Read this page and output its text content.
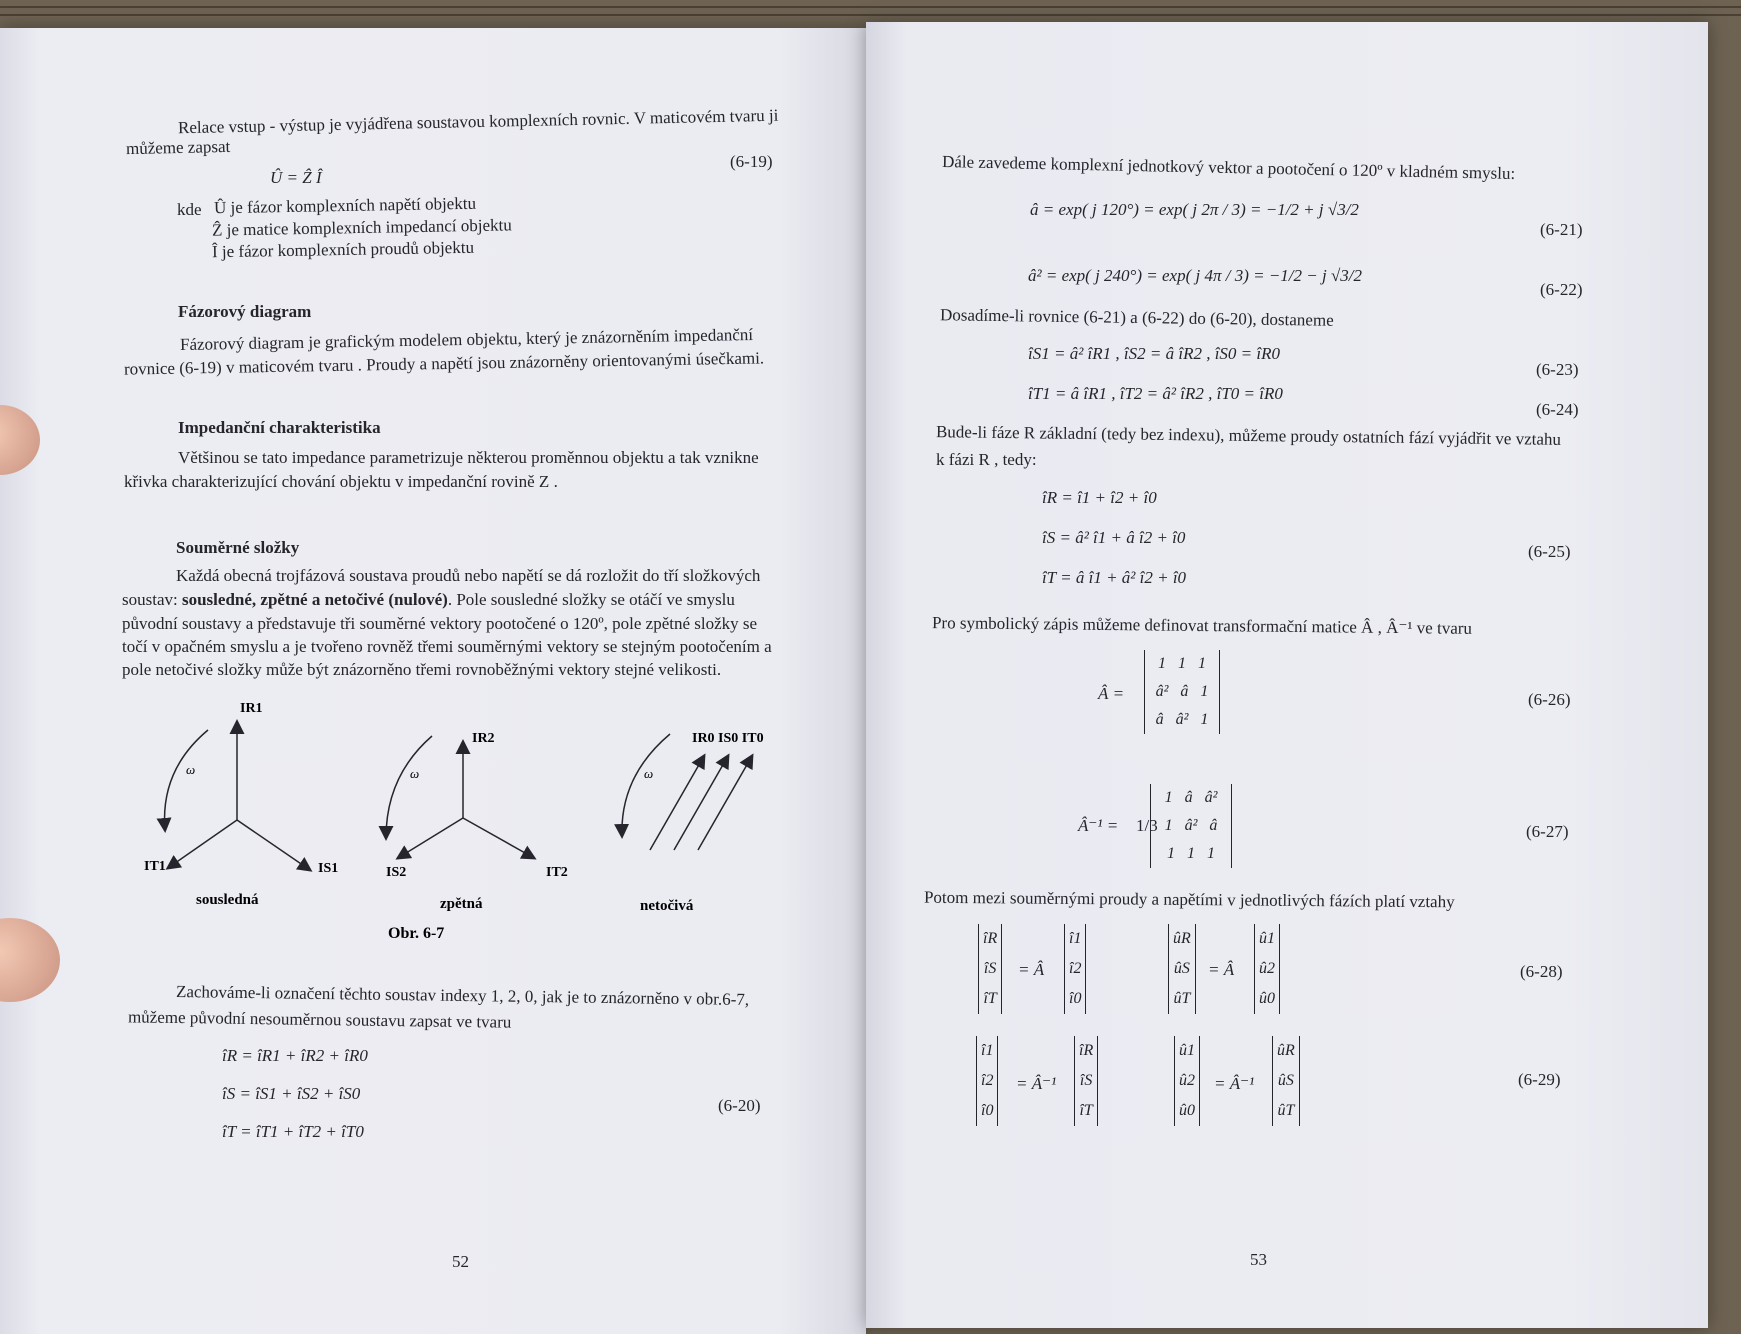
Relace vstup - výstup je vyjádřena soustavou komplexních rovnic. V maticovém tvaru ji
můžeme zapsat
Û = Ẑ Î
(6-19)
kde Û je fázor komplexních napětí objektu
Ẑ je matice komplexních impedancí objektu
Î je fázor komplexních proudů objektu
Fázorový diagram
Fázorový diagram je grafickým modelem objektu, který je znázorněním impedanční
rovnice (6-19) v maticovém tvaru . Proudy a napětí jsou znázorněny orientovanými úsečkami.
Impedanční charakteristika
Většinou se tato impedance parametrizuje některou proměnnou objektu a tak vznikne
křivka charakterizující chování objektu v impedanční rovině Z .
Souměrné složky
Každá obecná trojfázová soustava proudů nebo napětí se dá rozložit do tří složkových
soustav: sousledné, zpětné a netočivé (nulové). Pole sousledné složky se otáčí ve smyslu
původní soustavy a představuje tři souměrné vektory pootočené o 120º, pole zpětné složky se
točí v opačném smyslu a je tvořeno rovněž třemi souměrnými vektory se stejným pootočením a
pole netočivé složky může být znázorněno třemi rovnoběžnými vektory stejné velikosti.
ω
IR1
IT1	IS1
sousledná
ω
IR2
IS2	IT2
zpětná
Obr. 6-7
ω
IR0 IS0 IT0
netočivá
Zachováme-li označení těchto soustav indexy 1, 2, 0, jak je to znázorněno v obr.6-7,
můžeme původní nesouměrnou soustavu zapsat ve tvaru
îR = îR1 + îR2 + îR0
îS = îS1 + îS2 + îS0
îT = îT1 + îT2 + îT0
(6-20)
52
Dále zavedeme komplexní jednotkový vektor a pootočení o 120º v kladném smyslu:
â = exp( j 120°) = exp( j 2π / 3) = −1/2 + j √3/2
(6-21)
â² = exp( j 240°) = exp( j 4π / 3) = −1/2 − j √3/2
(6-22)
Dosadíme-li rovnice (6-21) a (6-22) do (6-20), dostaneme
îS1 = â² îR1 , îS2 = â îR2 , îS0 = îR0
(6-23)
îT1 = â îR1 , îT2 = â² îR2 , îT0 = îR0
(6-24)
Bude-li fáze R základní (tedy bez indexu), můžeme proudy ostatních fází vyjádřit ve vztahu
k fázi R , tedy:
îR = î1 + î2 + î0
îS = â² î1 + â î2 + î0
îT = â î1 + â² î2 + î0
(6-25)
Pro symbolický zápis můžeme definovat transformační matice Â , Â⁻¹ ve tvaru
Â =
1 1 1
â² â 1
â â² 1
(6-26)
Â⁻¹ = 1/3
1 â â²
1 â² â
1 1 1
(6-27)
Potom mezi souměrnými proudy a napětími v jednotlivých fázích platí vztahy
îR
îS
îT
= Â
î1
î2
î0
ûR
ûS
ûT
= Â
û1
û2
û0
(6-28)
î1
î2
î0
= Â⁻¹
îR
îS
îT
û1
û2
û0
= Â⁻¹
ûR
ûS
ûT
(6-29)
53
